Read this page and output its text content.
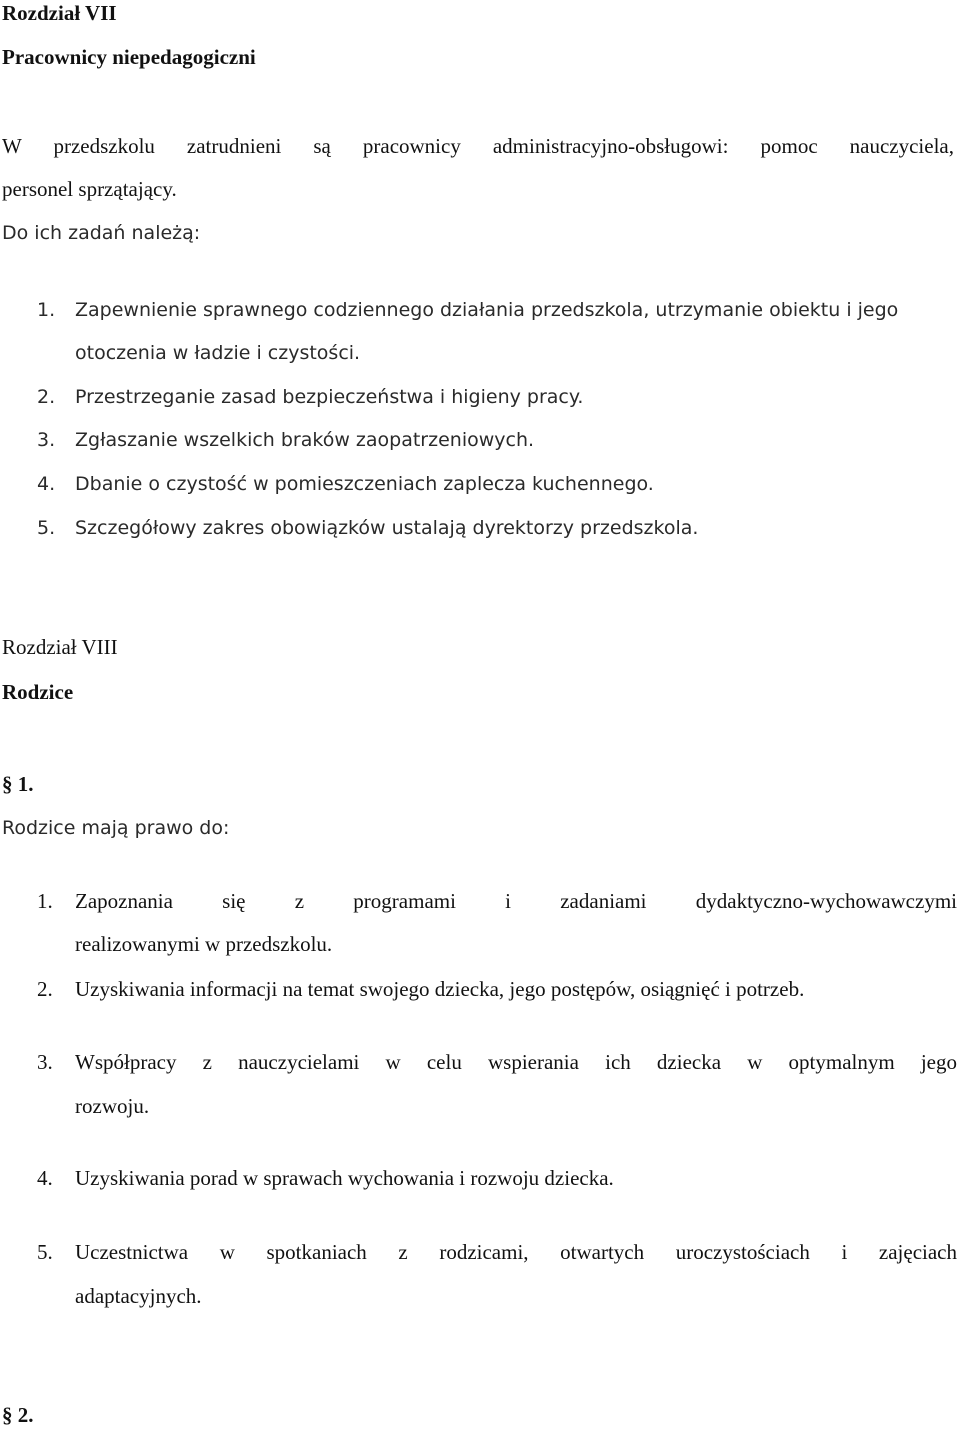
Rozdział VII
Pracownicy niepedagogiczni
W przedszkolu zatrudnieni są pracownicy administracyjno-obsługowi: pomoc nauczyciela,
personel sprzątający.
Do ich zadań należą:
1. Zapewnienie sprawnego codziennego działania przedszkola, utrzymanie obiektu i jego
otoczenia w ładzie i czystości.
2. Przestrzeganie zasad bezpieczeństwa i higieny pracy.
3. Zgłaszanie wszelkich braków zaopatrzeniowych.
4. Dbanie o czystość w pomieszczeniach zaplecza kuchennego.
5. Szczegółowy zakres obowiązków ustalają dyrektorzy przedszkola.
Rozdział VIII
Rodzice
§ 1.
Rodzice mają prawo do:
1. Zapoznania się z programami i zadaniami dydaktyczno-wychowawczymi
realizowanymi w przedszkolu.
2. Uzyskiwania informacji na temat swojego dziecka, jego postępów, osiągnięć i potrzeb.
3. Współpracy z nauczycielami w celu wspierania ich dziecka w optymalnym jego
rozwoju.
4. Uzyskiwania porad w sprawach wychowania i rozwoju dziecka.
5. Uczestnictwa w spotkaniach z rodzicami, otwartych uroczystościach i zajęciach
adaptacyjnych.
§ 2.
